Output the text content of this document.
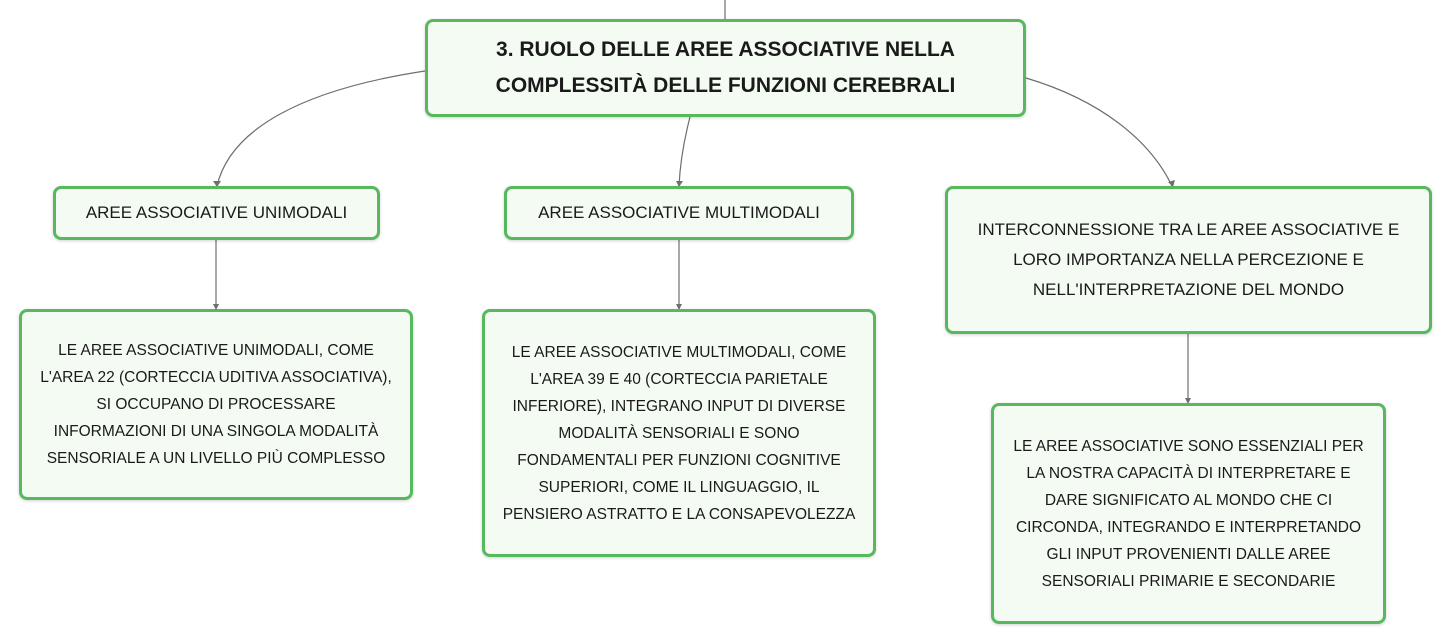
3. RUOLO DELLE AREE ASSOCIATIVE NELLA
COMPLESSITÀ DELLE FUNZIONI CEREBRALI
AREE ASSOCIATIVE UNIMODALI	AREE ASSOCIATIVE MULTIMODALI
INTERCONNESSIONE TRA LE AREE ASSOCIATIVE E
LORO IMPORTANZA NELLA PERCEZIONE E
NELL'INTERPRETAZIONE DEL MONDO
LE AREE ASSOCIATIVE UNIMODALI, COME
L'AREA 22 (CORTECCIA UDITIVA ASSOCIATIVA),
SI OCCUPANO DI PROCESSARE
INFORMAZIONI DI UNA SINGOLA MODALITÀ
SENSORIALE A UN LIVELLO PIÙ COMPLESSO
LE AREE ASSOCIATIVE MULTIMODALI, COME
L'AREA 39 E 40 (CORTECCIA PARIETALE
INFERIORE), INTEGRANO INPUT DI DIVERSE
MODALITÀ SENSORIALI E SONO
FONDAMENTALI PER FUNZIONI COGNITIVE
SUPERIORI, COME IL LINGUAGGIO, IL
PENSIERO ASTRATTO E LA CONSAPEVOLEZZA
LE AREE ASSOCIATIVE SONO ESSENZIALI PER
LA NOSTRA CAPACITÀ DI INTERPRETARE E
DARE SIGNIFICATO AL MONDO CHE CI
CIRCONDA, INTEGRANDO E INTERPRETANDO
GLI INPUT PROVENIENTI DALLE AREE
SENSORIALI PRIMARIE E SECONDARIE
